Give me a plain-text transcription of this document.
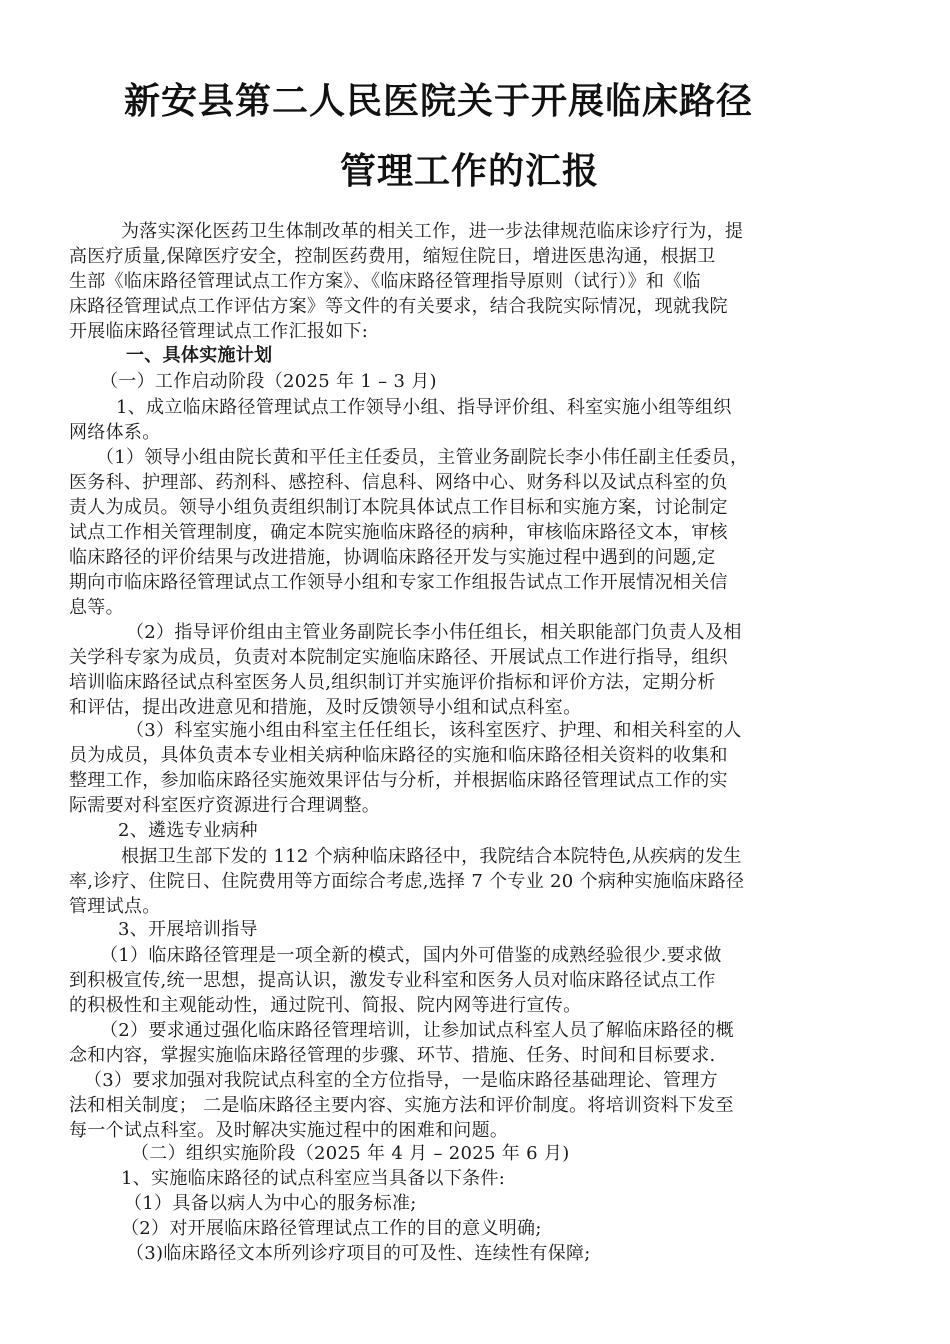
新安县第二人民医院关于开展临床路径
管理工作的汇报
为落实深化医药卫生体制改革的相关工作，进一步法律规范临床诊疗行为，提
高医疗质量,保障医疗安全，控制医药费用，缩短住院日，增进医患沟通，根据卫
生部《临床路径管理试点工作方案》、《临床路径管理指导原则（试行）》和《临
床路径管理试点工作评估方案》等文件的有关要求，结合我院实际情况，现就我院
开展临床路径管理试点工作汇报如下:
一、具体实施计划
（一）工作启动阶段（2025 年 1 – 3 月)
1、成立临床路径管理试点工作领导小组、指导评价组、科室实施小组等组织
网络体系。
（1）领导小组由院长黄和平任主任委员，主管业务副院长李小伟任副主任委员，
医务科、护理部、药剂科、感控科、信息科、网络中心、财务科以及试点科室的负
责人为成员。领导小组负责组织制订本院具体试点工作目标和实施方案，讨论制定
试点工作相关管理制度，确定本院实施临床路径的病种，审核临床路径文本，审核
临床路径的评价结果与改进措施，协调临床路径开发与实施过程中遇到的问题,定
期向市临床路径管理试点工作领导小组和专家工作组报告试点工作开展情况相关信
息等。
（2）指导评价组由主管业务副院长李小伟任组长，相关职能部门负责人及相
关学科专家为成员，负责对本院制定实施临床路径、开展试点工作进行指导，组织
培训临床路径试点科室医务人员,组织制订并实施评价指标和评价方法，定期分析
和评估，提出改进意见和措施，及时反馈领导小组和试点科室。
（3）科室实施小组由科室主任任组长，该科室医疗、护理、和相关科室的人
员为成员，具体负责本专业相关病种临床路径的实施和临床路径相关资料的收集和
整理工作，参加临床路径实施效果评估与分析，并根据临床路径管理试点工作的实
际需要对科室医疗资源进行合理调整。
2、遴选专业病种
根据卫生部下发的 112 个病种临床路径中，我院结合本院特色,从疾病的发生
率,诊疗、住院日、住院费用等方面综合考虑,选择 7 个专业 20 个病种实施临床路径
管理试点。
3、开展培训指导
（1）临床路径管理是一项全新的模式，国内外可借鉴的成熟经验很少.要求做
到积极宣传,统一思想，提高认识，激发专业科室和医务人员对临床路径试点工作
的积极性和主观能动性，通过院刊、简报、院内网等进行宣传。
（2）要求通过强化临床路径管理培训，让参加试点科室人员了解临床路径的概
念和内容，掌握实施临床路径管理的步骤、环节、措施、任务、时间和目标要求.
（3）要求加强对我院试点科室的全方位指导，一是临床路径基础理论、管理方
法和相关制度； 二是临床路径主要内容、实施方法和评价制度。将培训资料下发至
每一个试点科室。及时解决实施过程中的困难和问题。
（二）组织实施阶段（2025 年 4 月 – 2025 年 6 月)
1、实施临床路径的试点科室应当具备以下条件:
（1）具备以病人为中心的服务标准;
（2）对开展临床路径管理试点工作的目的意义明确;
（3)临床路径文本所列诊疗项目的可及性、连续性有保障;
